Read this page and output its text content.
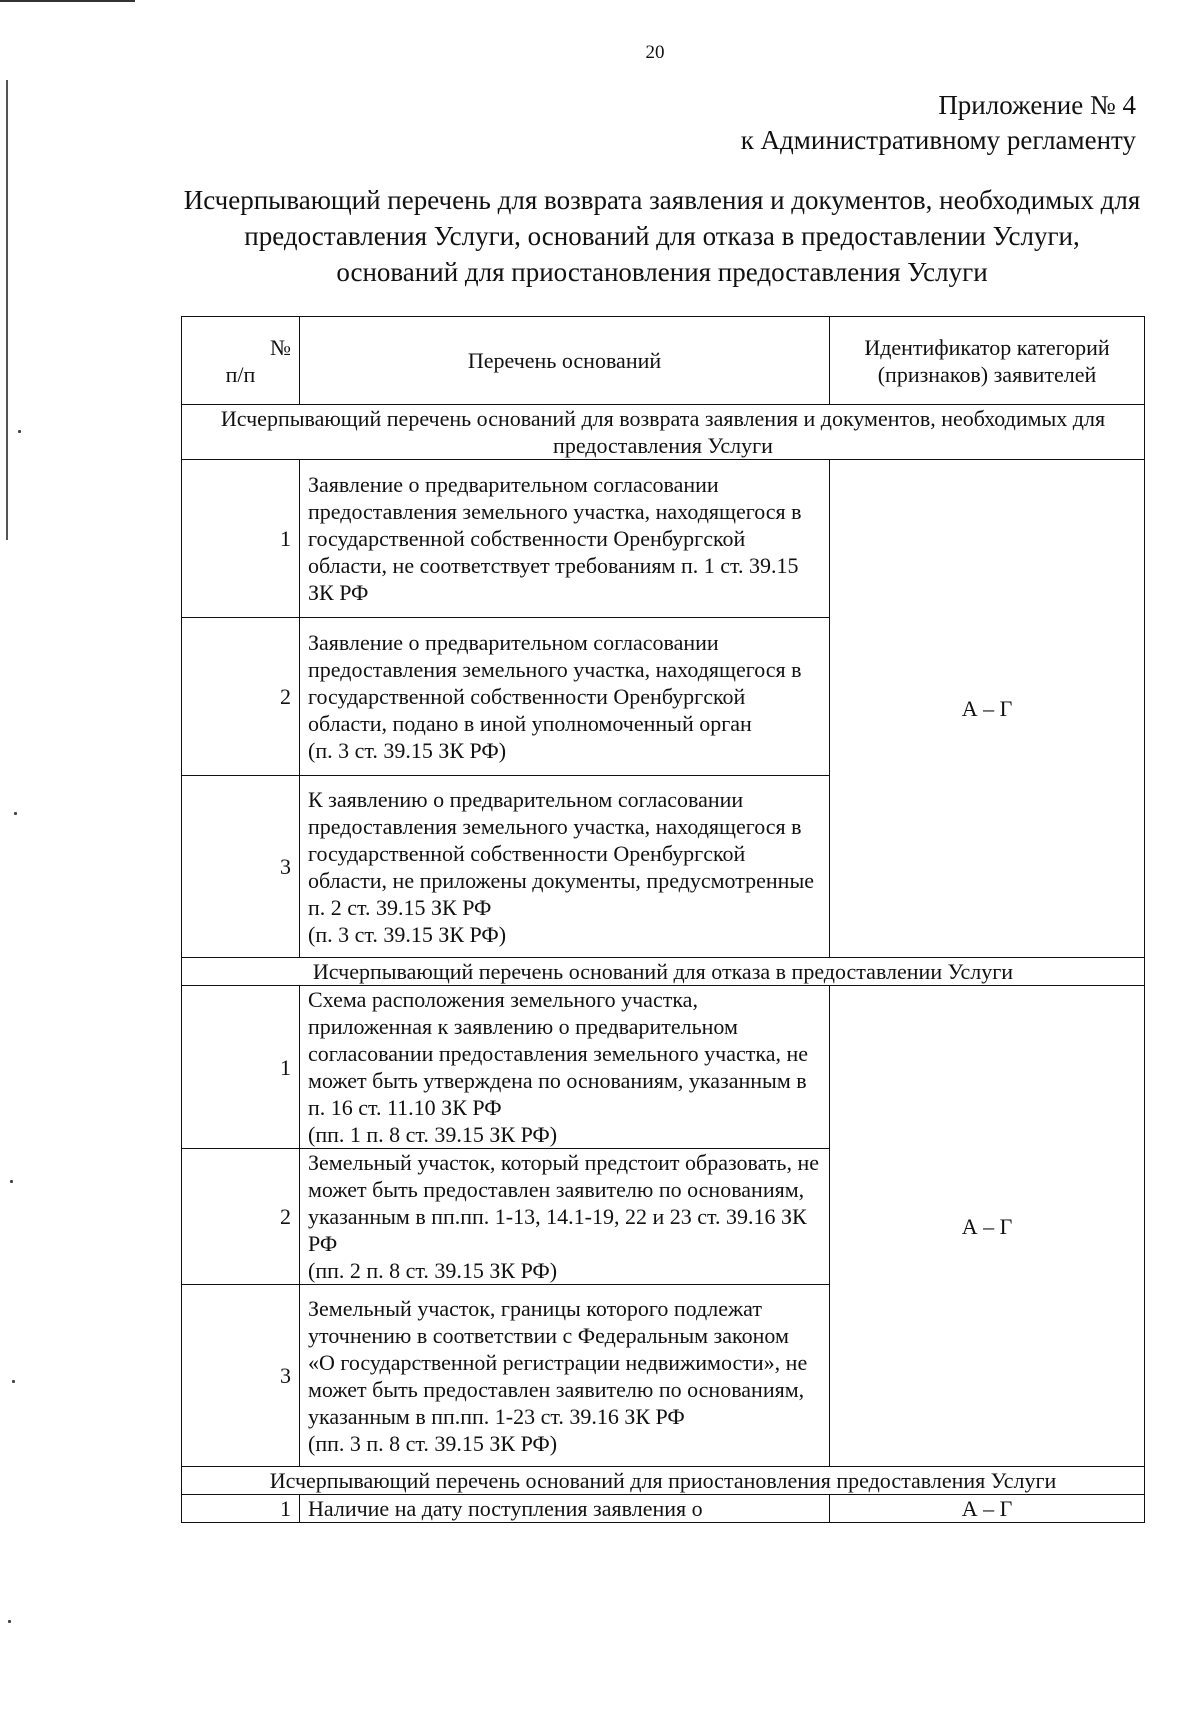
20
Приложение № 4
к Административному регламенту
Исчерпывающий перечень для возврата заявления и документов, необходимых для предоставления Услуги, оснований для отказа в предоставлении Услуги, оснований для приостановления предоставления Услуги
№
п/п	Перечень оснований	Идентификатор категорий (признаков) заявителей
Исчерпывающий перечень оснований для возврата заявления и документов, необходимых для предоставления Услуги		
1	Заявление о предварительном согласовании предоставления земельного участка, находящегося в государственной собственности Оренбургской области, не соответствует требованиям п. 1 ст. 39.15 ЗК РФ	А – Г
2	Заявление о предварительном согласовании предоставления земельного участка, находящегося в государственной собственности Оренбургской области, подано в иной уполномоченный орган
(п. 3 ст. 39.15 ЗК РФ)	
3	К заявлению о предварительном согласовании предоставления земельного участка, находящегося в государственной собственности Оренбургской области, не приложены документы, предусмотренные п. 2 ст. 39.15 ЗК РФ
(п. 3 ст. 39.15 ЗК РФ)	
Исчерпывающий перечень оснований для отказа в предоставлении Услуги		
1	Схема расположения земельного участка, приложенная к заявлению о предварительном согласовании предоставления земельного участка, не может быть утверждена по основаниям, указанным в п. 16 ст. 11.10 ЗК РФ
(пп. 1 п. 8 ст. 39.15 ЗК РФ)	А – Г
2	Земельный участок, который предстоит образовать, не может быть предоставлен заявителю по основаниям, указанным в пп.пп. 1-13, 14.1-19, 22 и 23 ст. 39.16 ЗК РФ
(пп. 2 п. 8 ст. 39.15 ЗК РФ)	
3	Земельный участок, границы которого подлежат уточнению в соответствии с Федеральным законом «О государственной регистрации недвижимости», не может быть предоставлен заявителю по основаниям, указанным в пп.пп. 1-23 ст. 39.16 ЗК РФ
(пп. 3 п. 8 ст. 39.15 ЗК РФ)	
Исчерпывающий перечень оснований для приостановления предоставления Услуги		
1	Наличие на дату поступления заявления о	А – Г
